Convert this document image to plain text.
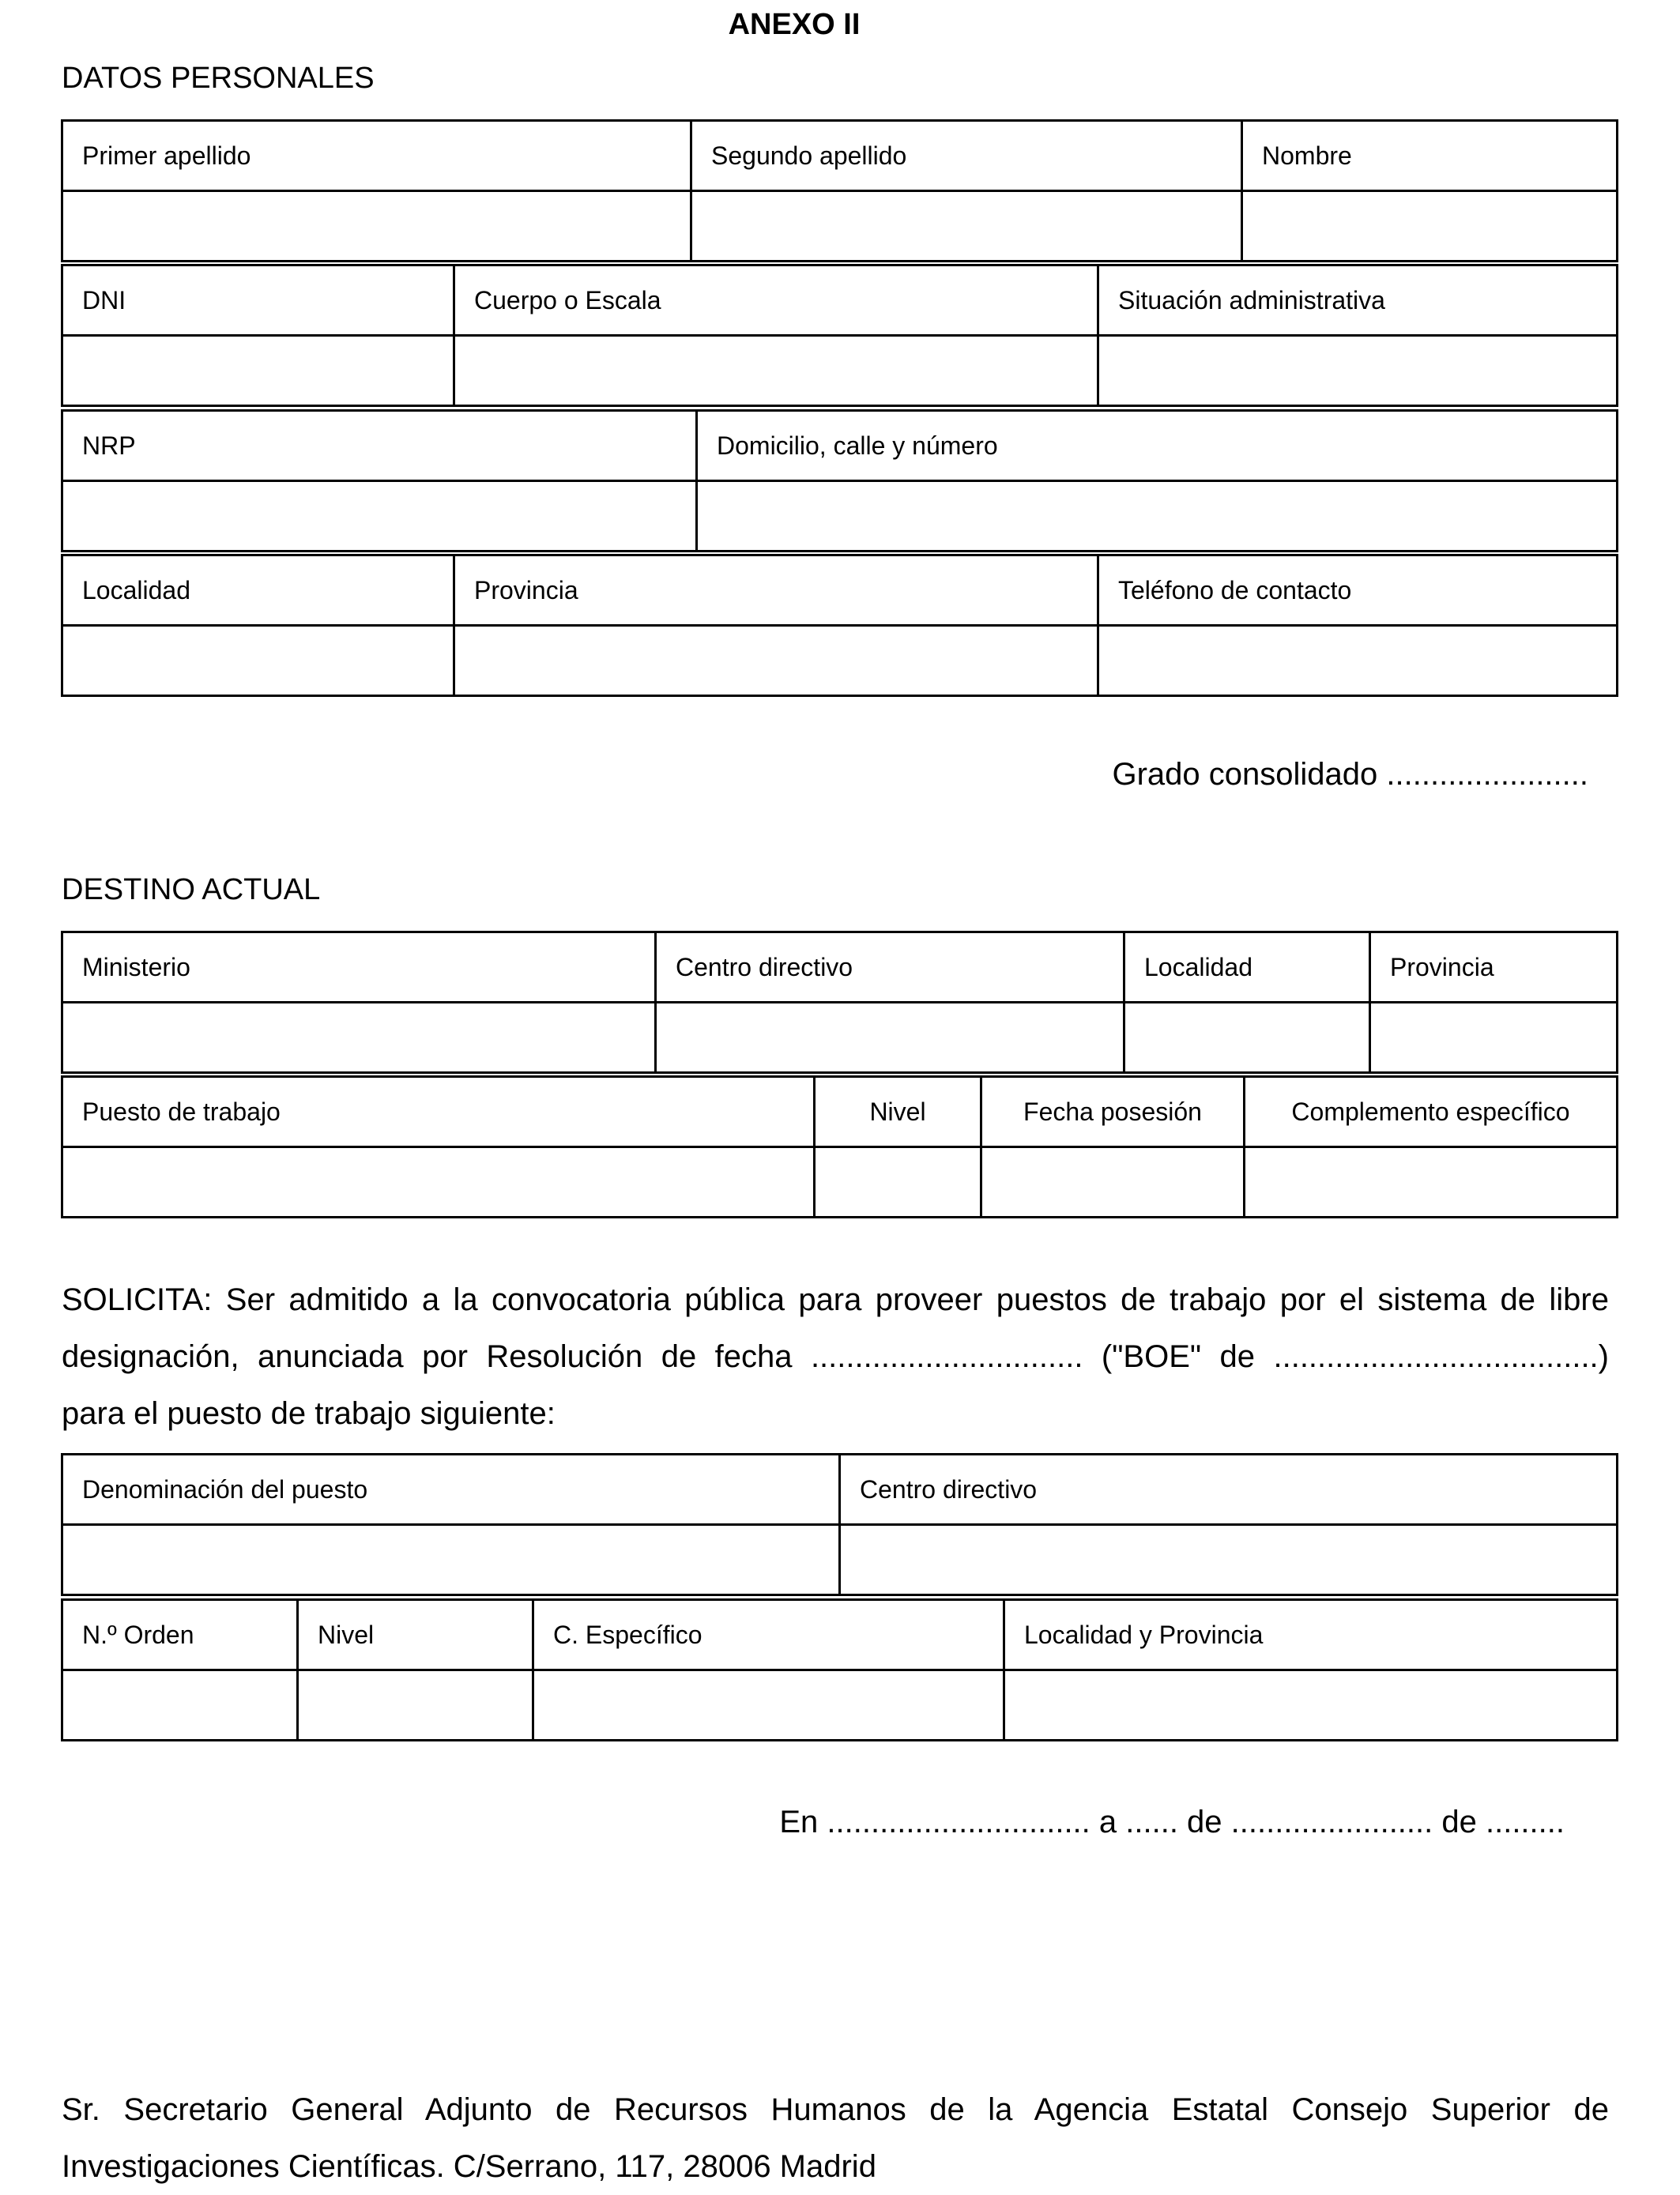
ANEXO II
DATOS PERSONALES
Primer apellido	Segundo apellido	Nombre

DNI	Cuerpo o Escala	Situación administrativa

NRP	Domicilio, calle y número

Localidad	Provincia	Teléfono de contacto

Grado consolidado .......................
DESTINO ACTUAL
Ministerio	Centro directivo	Localidad	Provincia

Puesto de trabajo	Nivel	Fecha posesión	Complemento específico

SOLICITA: Ser admitido a la convocatoria pública para proveer puestos de trabajo por el sistema de libre
designación, anunciada por Resolución de fecha ............................... ("BOE" de .....................................)
para el puesto de trabajo siguiente:
Denominación del puesto	Centro directivo

N.º Orden	Nivel	C. Específico	Localidad y Provincia

En .............................. a ...... de ....................... de .........
Sr. Secretario General Adjunto de Recursos Humanos de la Agencia Estatal Consejo Superior de
Investigaciones Científicas. C/Serrano, 117, 28006 Madrid
